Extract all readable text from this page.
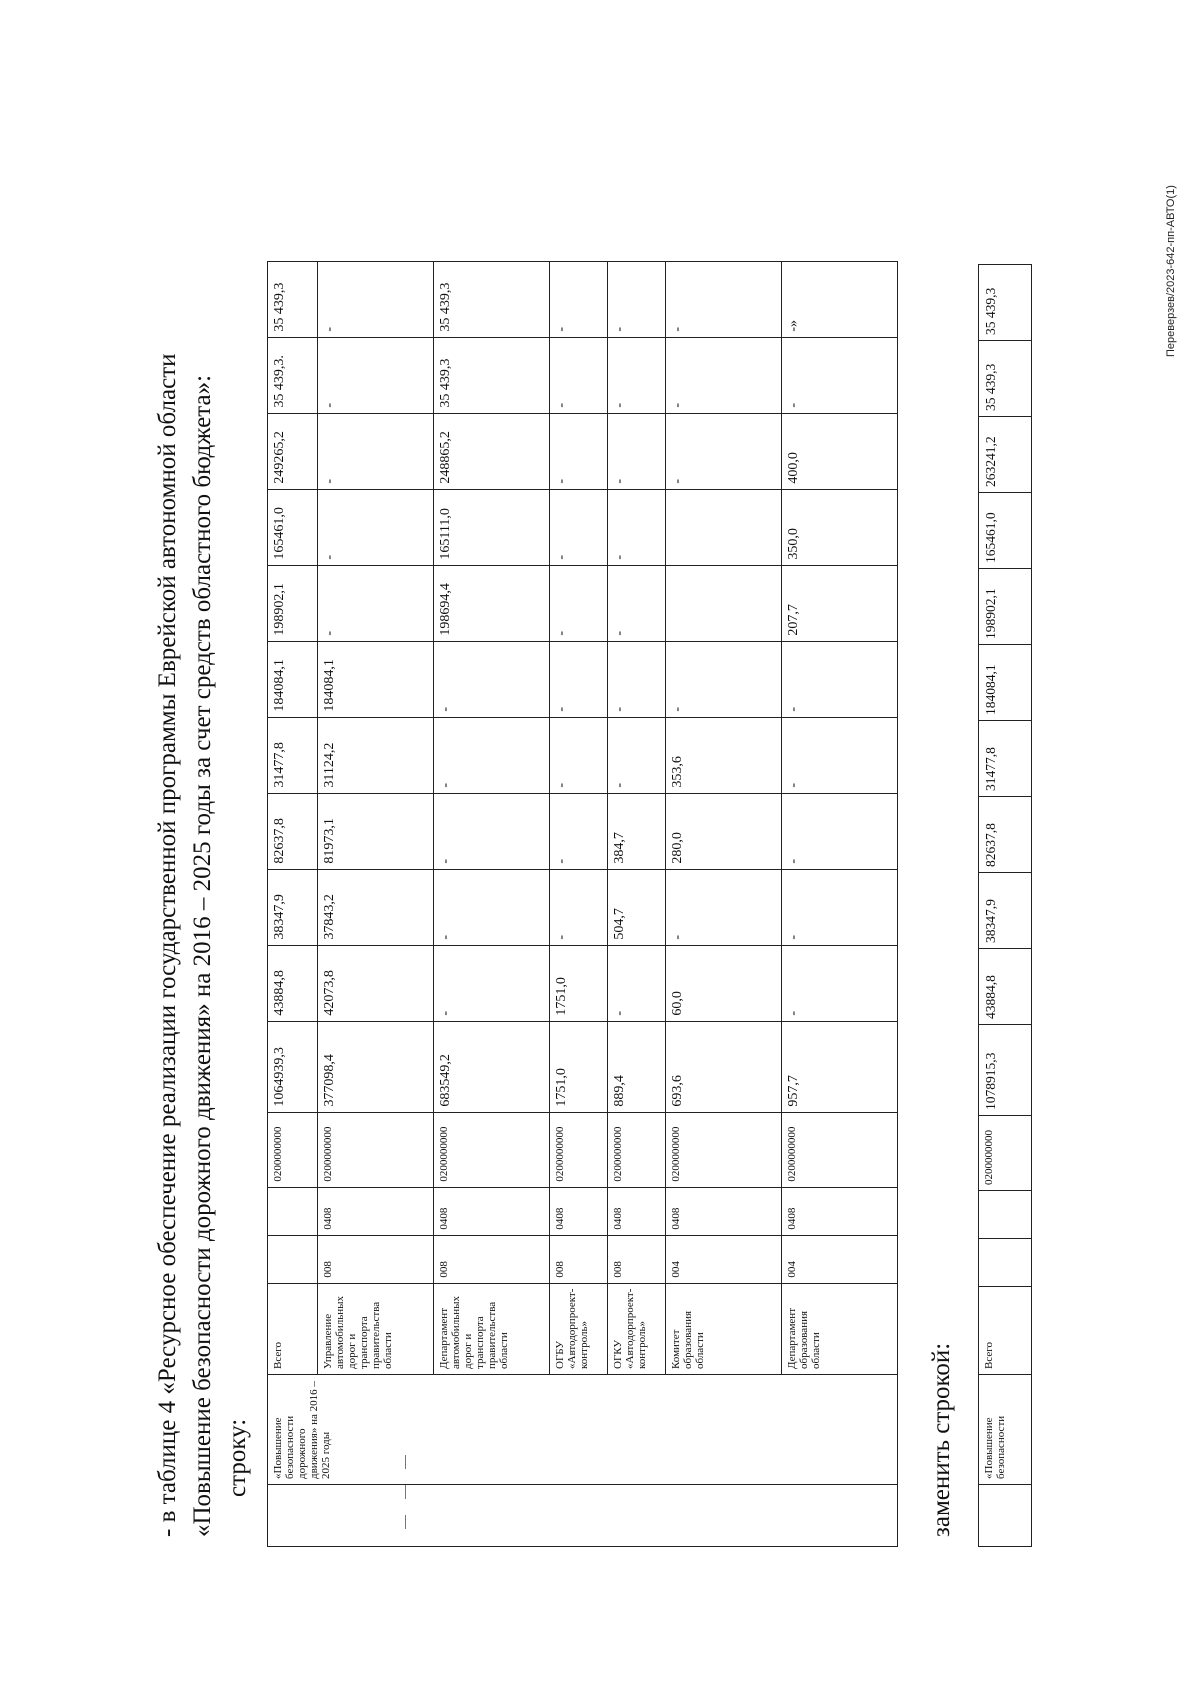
- в таблице 4 «Ресурсное обеспечение реализации государственной программы Еврейской автономной области «Повышение безопасности дорожного движения» на 2016 – 2025 годы за счет средств областного бюджета»: строку:

		«Повышение безопасности дорожного движения» на 2016 – 2025 годы	Всего			0200000000	1064939,3	43884,8	38347,9	82637,8	31477,8	184084,1	198902,1	165461,0	249265,2	35 439,3.	35 439,3
		Управление автомобильных дорог и транспорта правительства области	008	0408	0200000000	377098,4	42073,8	37843,2	81973,1	31124,2	184084,1	-	-	-	-	-
		Департамент автомобильных дорог и транспорта правительства области	008	0408	0200000000	683549,2	-	-	-	-	-	198694,4	165111,0	248865,2	35 439,3	35 439,3
		ОГБУ «Автодорпроект-контроль»	008	0408	0200000000	1751,0	1751,0	-	-	-	-	-	-	-	-	-
		ОГКУ «Автодорпроект-контроль»	008	0408	0200000000	889,4	-	504,7	384,7	-	-	-	-	-	-	-
		Комитет образования области	004	0408	0200000000	693,6	60,0	-	280,0	353,6	-			-	-	-
		Департамент образования области	004	0408	0200000000	957,7	-	-	-	-	-	207,7	350,0	400,0	-	-»
заменить строкой:
		«Повышение безопасности	Всего			0200000000	1078915,3	43884,8	38347,9	82637,8	31477,8	184084,1	198902,1	165461,0	263241,2	35 439,3	35 439,3	Переверзев/2023-642-пп-АВТО(1)
